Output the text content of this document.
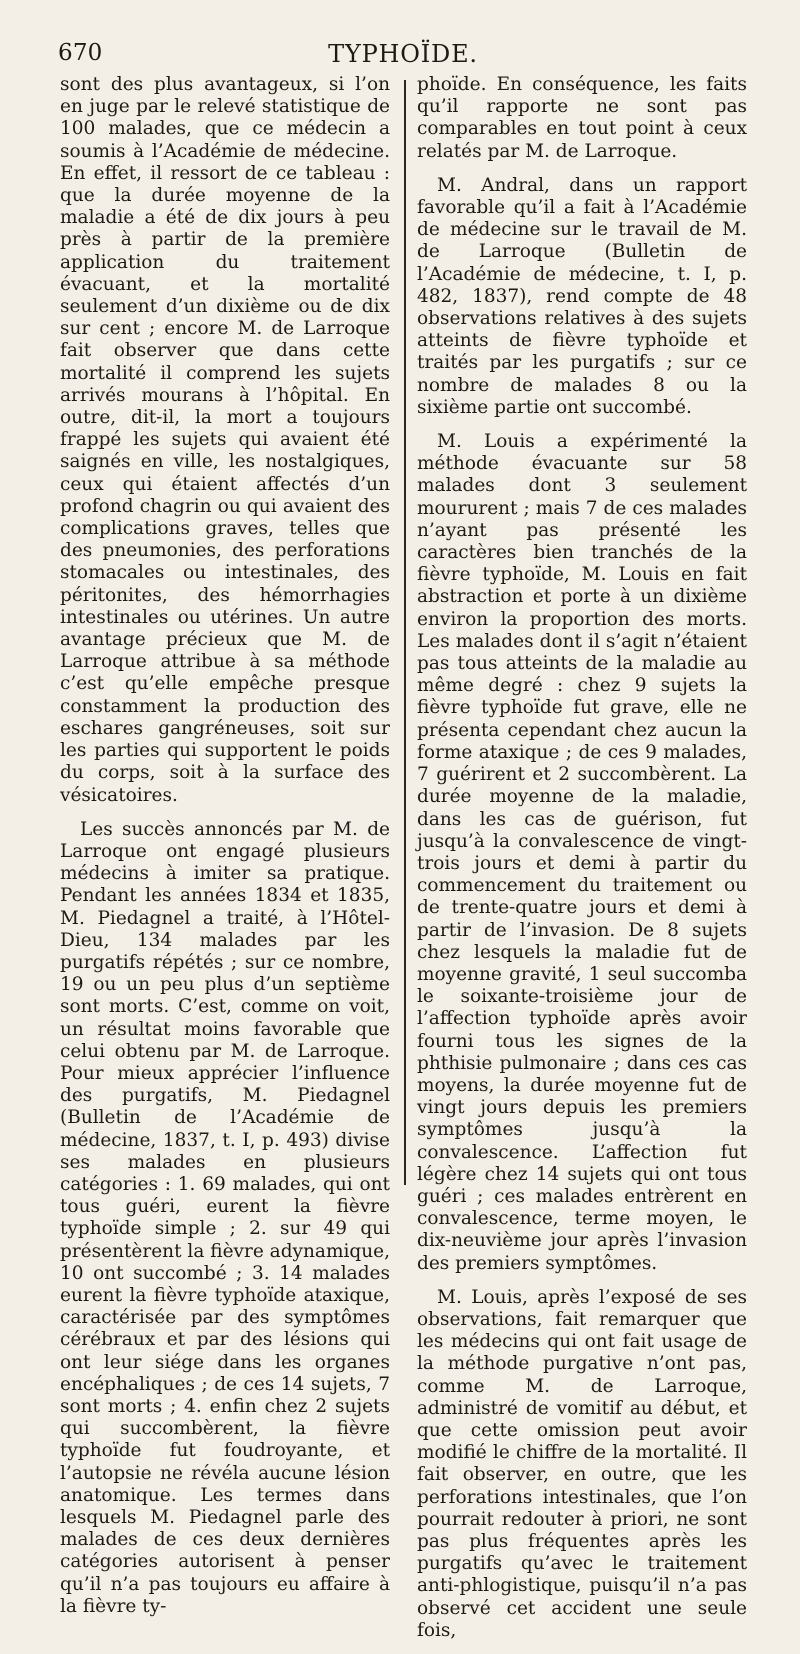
670	TYPHOÏDE.

sont des plus avantageux, si l’on en juge par le relevé statistique de 100 malades, que ce médecin a soumis à l’Académie de médecine. En effet, il ressort de ce tableau : que la durée moyenne de la maladie a été de dix jours à peu près à partir de la première application du traitement évacuant, et la mortalité seulement d’un dixième ou de dix sur cent ; encore M. de Larroque fait observer que dans cette mortalité il comprend les sujets arrivés mourans à l’hôpital. En outre, dit-il, la mort a toujours frappé les sujets qui avaient été saignés en ville, les nostalgiques, ceux qui étaient affectés d’un profond chagrin ou qui avaient des complications graves, telles que des pneumonies, des perforations stomacales ou intestinales, des péritonites, des hémorrhagies intestinales ou utérines. Un autre avantage précieux que M. de Larroque attribue à sa méthode c’est qu’elle empêche presque constamment la production des eschares gangréneuses, soit sur les parties qui supportent le poids du corps, soit à la surface des vésicatoires.

Les succès annoncés par M. de Larroque ont engagé plusieurs médecins à imiter sa pratique. Pendant les années 1834 et 1835, M. Piedagnel a traité, à l’Hôtel-Dieu, 134 malades par les purgatifs répétés ; sur ce nombre, 19 ou un peu plus d’un septième sont morts. C’est, comme on voit, un résultat moins favorable que celui obtenu par M. de Larroque. Pour mieux apprécier l’influence des purgatifs, M. Piedagnel (Bulletin de l’Académie de médecine, 1837, t. I, p. 493) divise ses malades en plusieurs catégories : 1. 69 malades, qui ont tous guéri, eurent la fièvre typhoïde simple ; 2. sur 49 qui présentèrent la fièvre adynamique, 10 ont succombé ; 3. 14 malades eurent la fièvre typhoïde ataxique, caractérisée par des symptômes cérébraux et par des lésions qui ont leur siége dans les organes encéphaliques ; de ces 14 sujets, 7 sont morts ; 4. enfin chez 2 sujets qui succombèrent, la fièvre typhoïde fut foudroyante, et l’autopsie ne révéla aucune lésion anatomique. Les termes dans lesquels M. Piedagnel parle des malades de ces deux dernières catégories autorisent à penser qu’il n’a pas toujours eu affaire à la fièvre ty-

phoïde. En conséquence, les faits qu’il rapporte ne sont pas comparables en tout point à ceux relatés par M. de Larroque.

M. Andral, dans un rapport favorable qu’il a fait à l’Académie de médecine sur le travail de M. de Larroque (Bulletin de l’Académie de médecine, t. I, p. 482, 1837), rend compte de 48 observations relatives à des sujets atteints de fièvre typhoïde et traités par les purgatifs ; sur ce nombre de malades 8 ou la sixième partie ont succombé.

M. Louis a expérimenté la méthode évacuante sur 58 malades dont 3 seulement moururent ; mais 7 de ces malades n’ayant pas présenté les caractères bien tranchés de la fièvre typhoïde, M. Louis en fait abstraction et porte à un dixième environ la proportion des morts. Les malades dont il s’agit n’étaient pas tous atteints de la maladie au même degré : chez 9 sujets la fièvre typhoïde fut grave, elle ne présenta cependant chez aucun la forme ataxique ; de ces 9 malades, 7 guérirent et 2 succombèrent. La durée moyenne de la maladie, dans les cas de guérison, fut jusqu’à la convalescence de vingt-trois jours et demi à partir du commencement du traitement ou de trente-quatre jours et demi à partir de l’invasion. De 8 sujets chez lesquels la maladie fut de moyenne gravité, 1 seul succomba le soixante-troisième jour de l’affection typhoïde après avoir fourni tous les signes de la phthisie pulmonaire ; dans ces cas moyens, la durée moyenne fut de vingt jours depuis les premiers symptômes jusqu’à la convalescence. L’affection fut légère chez 14 sujets qui ont tous guéri ; ces malades entrèrent en convalescence, terme moyen, le dix-neuvième jour après l’invasion des premiers symptômes.

M. Louis, après l’exposé de ses observations, fait remarquer que les médecins qui ont fait usage de la méthode purgative n’ont pas, comme M. de Larroque, administré de vomitif au début, et que cette omission peut avoir modifié le chiffre de la mortalité. Il fait observer, en outre, que les perforations intestinales, que l’on pourrait redouter à priori, ne sont pas plus fréquentes après les purgatifs qu’avec le traitement anti-phlogistique, puisqu’il n’a pas observé cet accident une seule fois,
